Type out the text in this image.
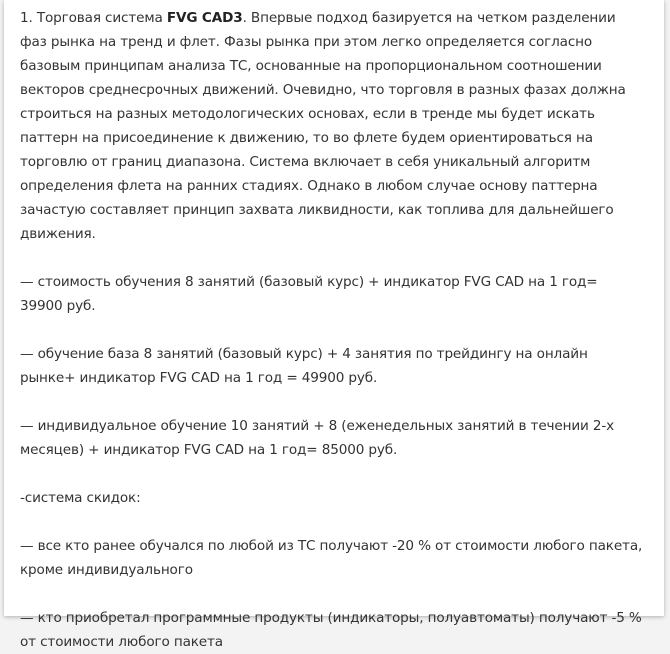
1. Торговая система FVG CAD3. Впервые подход базируется на четком разделении фаз рынка на тренд и флет. Фазы рынка при этом легко определяется согласно базовым принципам анализа ТС, основанные на пропорциональном соотношении векторов среднесрочных движений. Очевидно, что торговля в разных фазах должна строиться на разных методологических основах, если в тренде мы будет искать паттерн на присоединение к движению, то во флете будем ориентироваться на торговлю от границ диапазона. Система включает в себя уникальный алгоритм определения флета на ранних стадиях. Однако в любом случае основу паттерна зачастую составляет принцип захвата ликвидности, как топлива для дальнейшего движения.

— стоимость обучения 8 занятий (базовый курс) + индикатор FVG CAD на 1 год= 39900 руб.

— обучение база 8 занятий (базовый курс) + 4 занятия по трейдингу на онлайн рынке+ индикатор FVG CAD на 1 год = 49900 руб.

— индивидуальное обучение 10 занятий + 8 (еженедельных занятий в течении 2-х месяцев) + индикатор FVG CAD на 1 год= 85000 руб.

-система скидок:

— все кто ранее обучался по любой из ТС получают -20 % от стоимости любого пакета, кроме индивидуального

— кто приобретал программные продукты (индикаторы, полуавтоматы) получают -5 % от стоимости любого пакета
